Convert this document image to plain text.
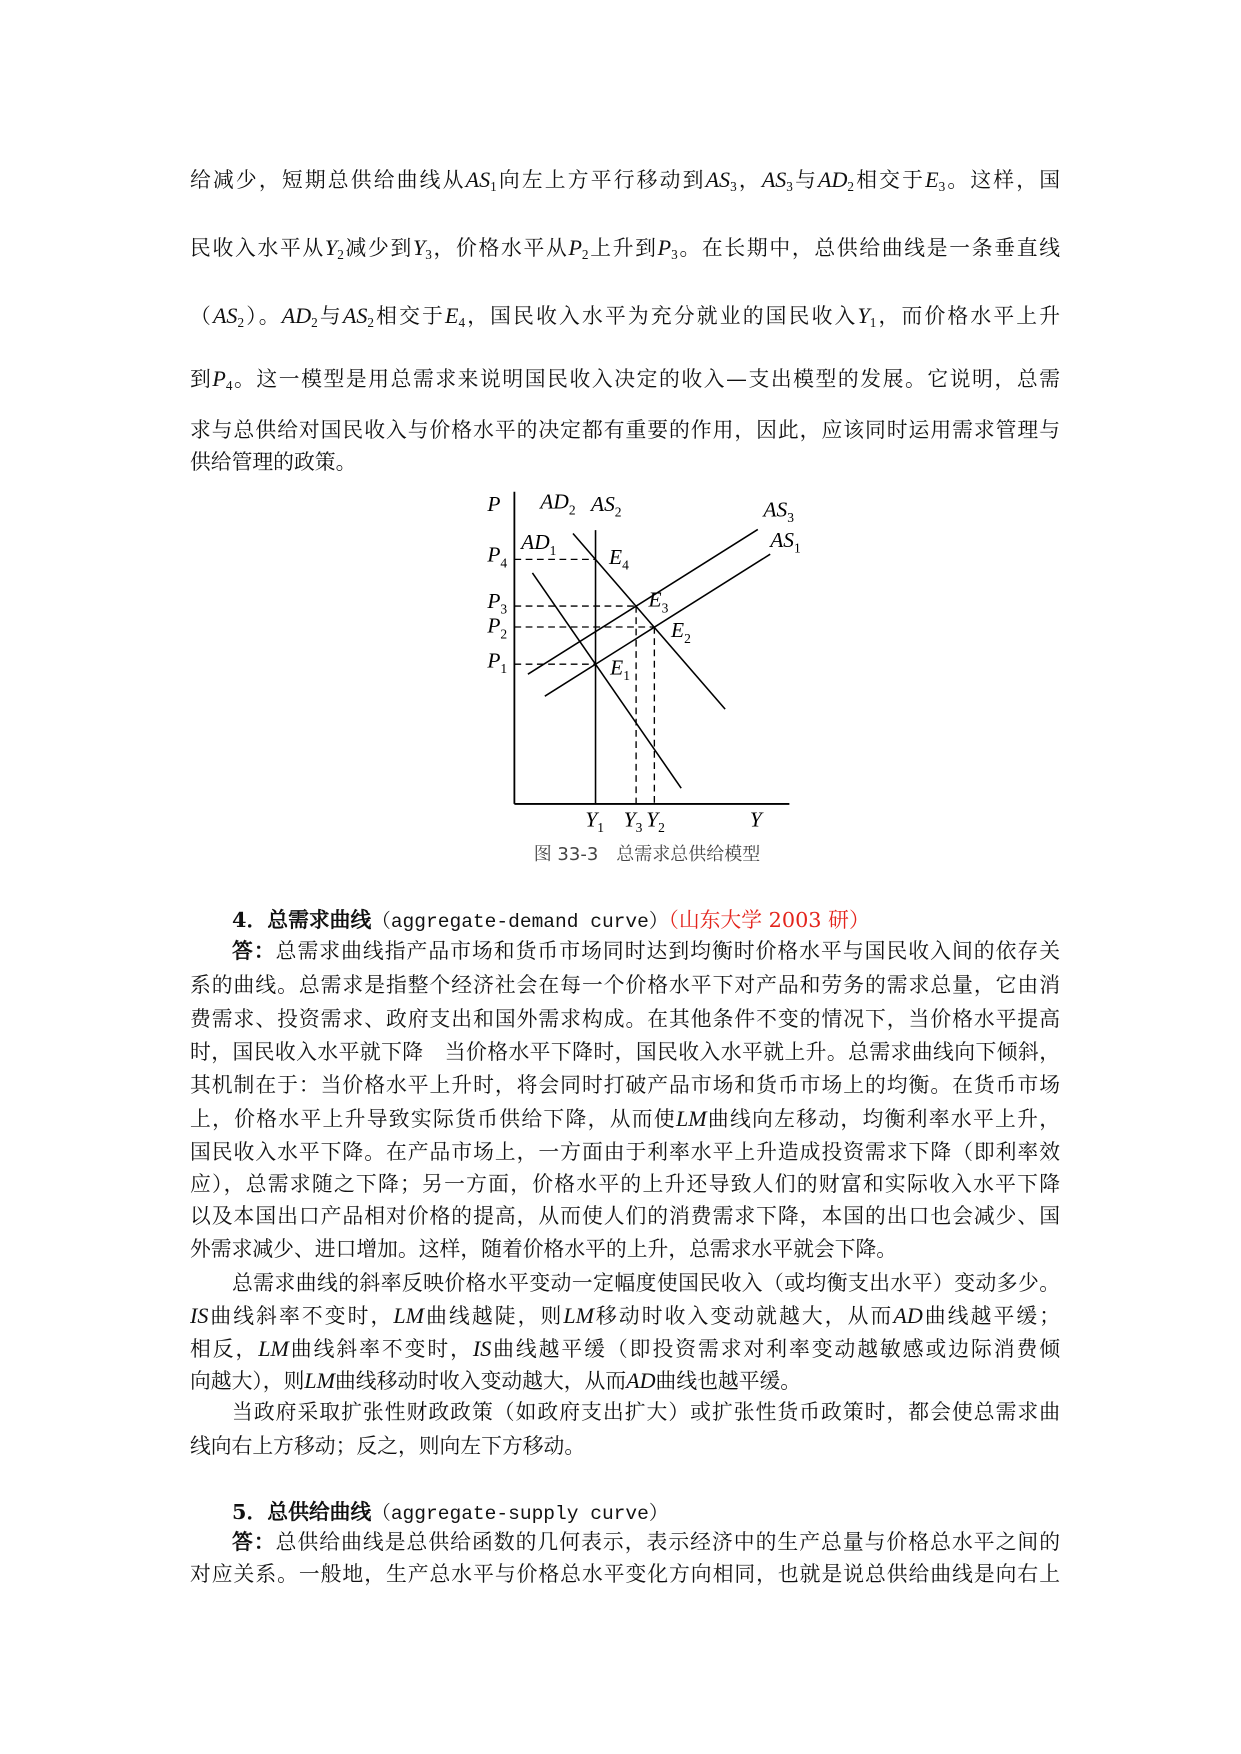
P
Y
$AD_2$ $AS_2$	$AS_3$
$AS_1$
$AD_1$
$P_4$	$E_4$
$P_3$	$E_3$
$P_2$	$E_2$
$P_1$	$E_1$
$Y_1$ $Y_3$ $Y_2$
图 33-3　总需求总供给模型
给减少，短期总供给曲线从$AS_1$向左上方平行移动到$AS_3$，$AS_3$与$AD_2$相交于$E_3$。这样，国
民收入水平从$Y_2$减少到$Y_3$，价格水平从$P_2$上升到$P_3$。在长期中，总供给曲线是一条垂直线
$(AS_2)$。$AD_2$与$AS_2$相交于$E_4$，国民收入水平为充分就业的国民收入$Y_1$，而价格水平上升
到$P_4$。这一模型是用总需求来说明国民收入决定的收入—支出模型的发展。它说明，总需
求与总供给对国民收入与价格水平的决定都有重要的作用，因此，应该同时运用需求管理与
供给管理的政策。
4．总需求曲线（aggregate-demand curve）（山东大学 2003 研）
答：总需求曲线指产品市场和货币市场同时达到均衡时价格水平与国民收入间的依存关
系的曲线。总需求是指整个经济社会在每一个价格水平下对产品和劳务的需求总量，它由消
费需求、投资需求、政府支出和国外需求构成。在其他条件不变的情况下，当价格水平提高
时，国民收入水平就下降　当价格水平下降时，国民收入水平就上升。总需求曲线向下倾斜，
其机制在于：当价格水平上升时，将会同时打破产品市场和货币市场上的均衡。在货币市场
上，价格水平上升导致实际货币供给下降，从而使LM曲线向左移动，均衡利率水平上升，
国民收入水平下降。在产品市场上，一方面由于利率水平上升造成投资需求下降（即利率效
应），总需求随之下降；另一方面，价格水平的上升还导致人们的财富和实际收入水平下降
以及本国出口产品相对价格的提高，从而使人们的消费需求下降，本国的出口也会减少、国
外需求减少、进口增加。这样，随着价格水平的上升，总需求水平就会下降。
总需求曲线的斜率反映价格水平变动一定幅度使国民收入（或均衡支出水平）变动多少。
IS曲线斜率不变时，LM曲线越陡，则LM移动时收入变动就越大，从而AD曲线越平缓；
相反，LM曲线斜率不变时，IS曲线越平缓（即投资需求对利率变动越敏感或边际消费倾
向越大），则LM曲线移动时收入变动越大，从而AD曲线也越平缓。
当政府采取扩张性财政政策（如政府支出扩大）或扩张性货币政策时，都会使总需求曲
线向右上方移动；反之，则向左下方移动。
5．总供给曲线（aggregate-supply curve）
答：总供给曲线是总供给函数的几何表示，表示经济中的生产总量与价格总水平之间的
对应关系。一般地，生产总水平与价格总水平变化方向相同，也就是说总供给曲线是向右上
